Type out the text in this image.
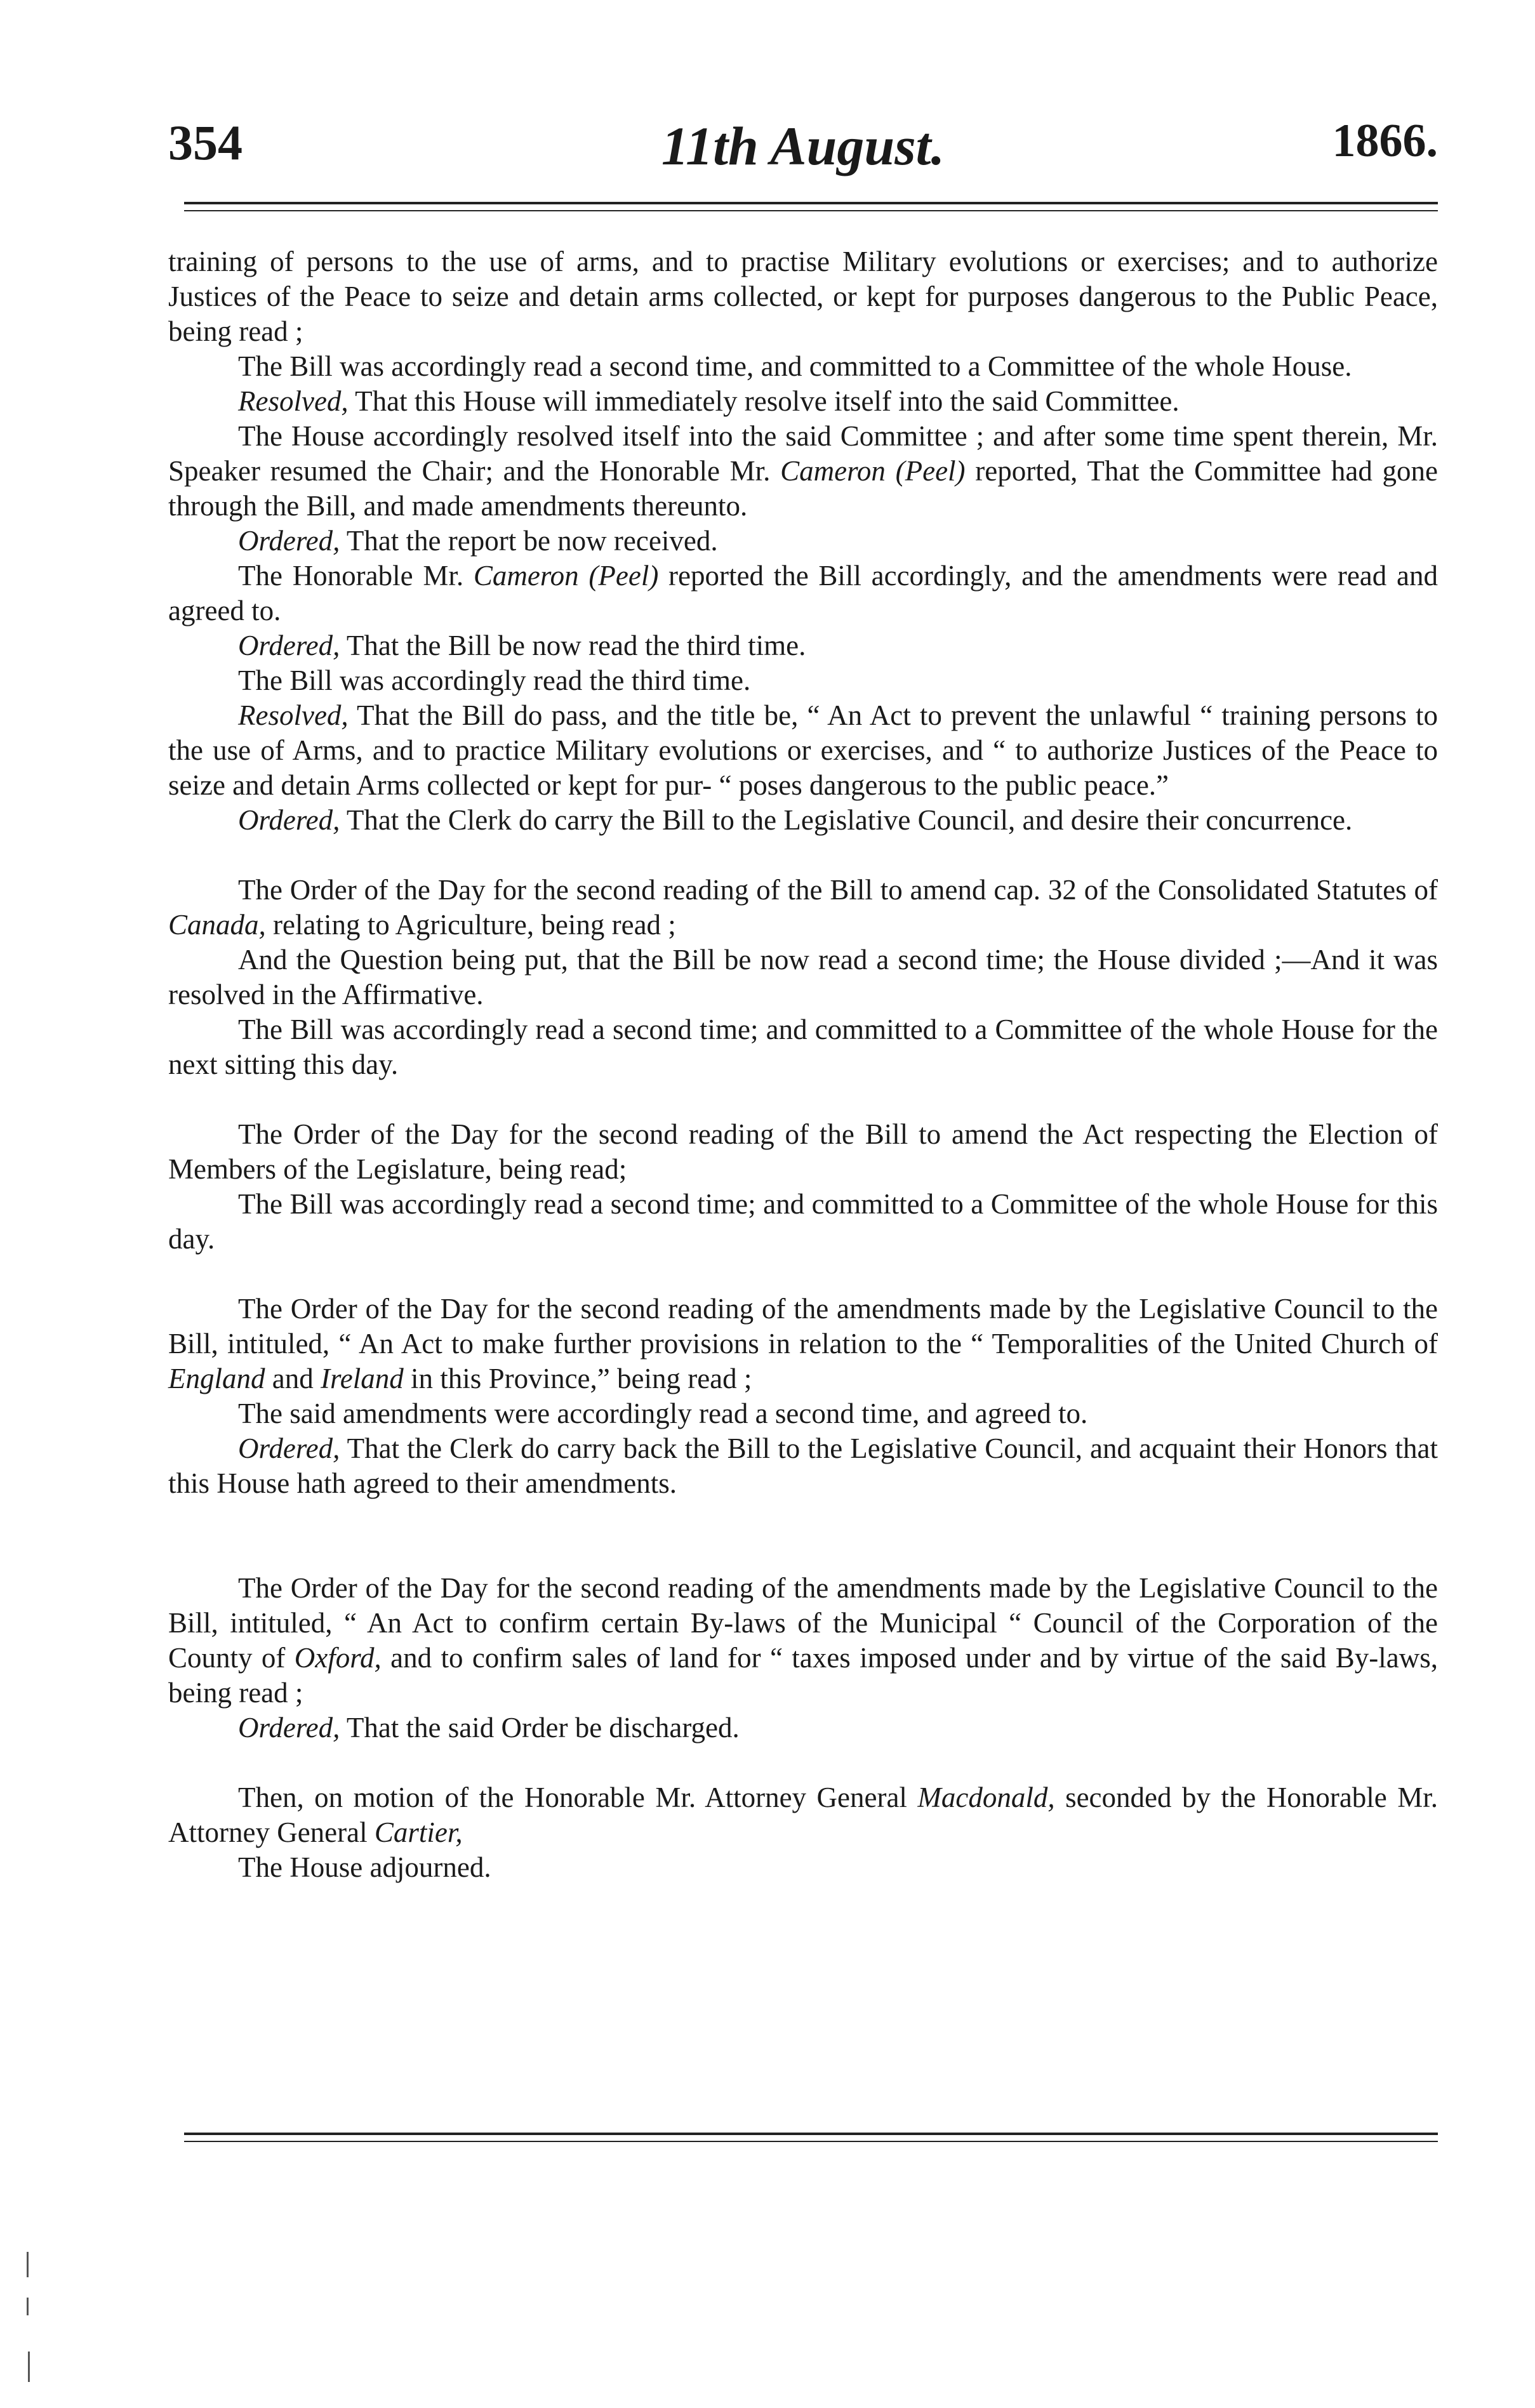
354	11th August.	1866.

training of persons to the use of arms, and to practise Military evolutions or exercises; and to authorize Justices of the Peace to seize and detain arms collected, or kept for purposes dangerous to the Public Peace, being read ;

The Bill was accordingly read a second time, and committed to a Committee of the whole House.

Resolved, That this House will immediately resolve itself into the said Committee.

The House accordingly resolved itself into the said Committee ; and after some time spent therein, Mr. Speaker resumed the Chair; and the Honorable Mr. Cameron (Peel) reported, That the Committee had gone through the Bill, and made amendments thereunto.

Ordered, That the report be now received.

The Honorable Mr. Cameron (Peel) reported the Bill accordingly, and the amendments were read and agreed to.

Ordered, That the Bill be now read the third time.

The Bill was accordingly read the third time.

Resolved, That the Bill do pass, and the title be, “ An Act to prevent the unlawful “ training persons to the use of Arms, and to practice Military evolutions or exercises, and “ to authorize Justices of the Peace to seize and detain Arms collected or kept for pur- “ poses dangerous to the public peace.”

Ordered, That the Clerk do carry the Bill to the Legislative Council, and desire their concurrence.

The Order of the Day for the second reading of the Bill to amend cap. 32 of the Consolidated Statutes of Canada, relating to Agriculture, being read ;

And the Question being put, that the Bill be now read a second time; the House divided ;—And it was resolved in the Affirmative.

The Bill was accordingly read a second time; and committed to a Committee of the whole House for the next sitting this day.

The Order of the Day for the second reading of the Bill to amend the Act respecting the Election of Members of the Legislature, being read;

The Bill was accordingly read a second time; and committed to a Committee of the whole House for this day.

The Order of the Day for the second reading of the amendments made by the Legislative Council to the Bill, intituled, “ An Act to make further provisions in relation to the “ Temporalities of the United Church of England and Ireland in this Province,” being read ;

The said amendments were accordingly read a second time, and agreed to.

Ordered, That the Clerk do carry back the Bill to the Legislative Council, and acquaint their Honors that this House hath agreed to their amendments.

The Order of the Day for the second reading of the amendments made by the Legislative Council to the Bill, intituled, “ An Act to confirm certain By-laws of the Municipal “ Council of the Corporation of the County of Oxford, and to confirm sales of land for “ taxes imposed under and by virtue of the said By-laws, being read ;

Ordered, That the said Order be discharged.

Then, on motion of the Honorable Mr. Attorney General Macdonald, seconded by the Honorable Mr. Attorney General Cartier,

The House adjourned.
